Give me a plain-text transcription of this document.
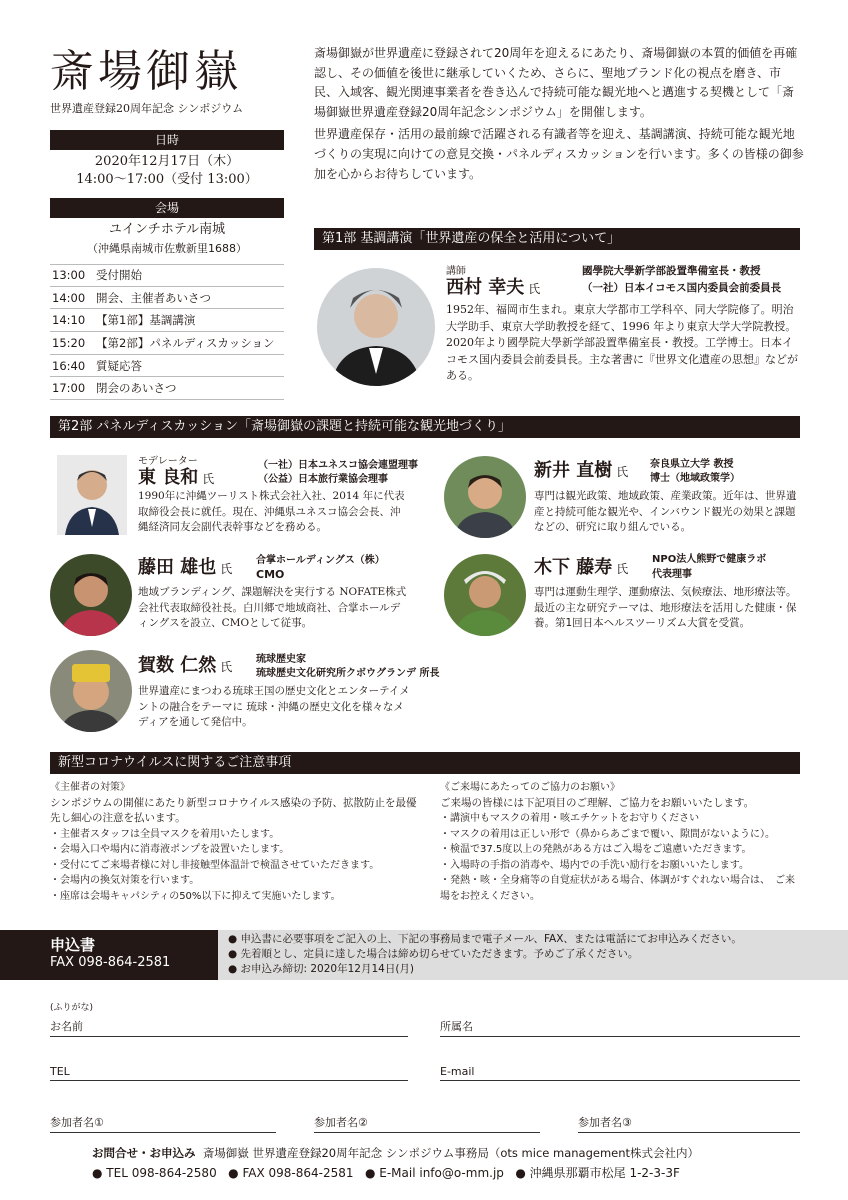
斎場御嶽
世界遺産登録20周年記念 シンポジウム
日時
2020年12月17日（木）
14:00〜17:00（受付 13:00）
会場
ユインチホテル南城
（沖縄県南城市佐敷新里1688）
13:00 受付開始
14:00 開会、主催者あいさつ
14:10 【第1部】基調講演
15:20 【第2部】パネルディスカッション
16:40 質疑応答
17:00 閉会のあいさつ

斎場御嶽が世界遺産に登録されて20周年を迎えるにあたり、斎場御嶽の本質的価値を再確認し、その価値を後世に継承していくため、さらに、聖地ブランド化の視点を磨き、市民、入域客、観光関連事業者を巻き込んで持続可能な観光地へと邁進する契機として「斎場御嶽世界遺産登録20周年記念シンポジウム」を開催します。

世界遺産保存・活用の最前線で活躍される有識者等を迎え、基調講演、持続可能な観光地づくりの実現に向けての意見交換・パネルディスカッションを行います。多くの皆様の御参加を心からお待ちしています。

第1部 基調講演「世界遺産の保全と活用について」
講師
西村 幸夫 氏
國學院大學新学部設置準備室長・教授
（一社）日本イコモス国内委員会前委員長
1952年、福岡市生まれ。東京大学都市工学科卒、同大学院修了。明治大学助手、東京大学助教授を経て、1996 年より東京大学大学院教授。2020年より國學院大學新学部設置準備室長・教授。工学博士。日本イコモス国内委員会前委員長。主な著書に『世界文化遺産の思想』などがある。
第2部 パネルディスカッション「斎場御嶽の課題と持続可能な観光地づくり」
モデレーター
東 良和 氏
（一社）日本ユネスコ協会連盟理事
（公益）日本旅行業協会理事
1990年に沖縄ツーリスト株式会社入社、2014 年に代表取締役会長に就任。現在、沖縄県ユネスコ協会会長、沖縄経済同友会副代表幹事などを務める。
新井 直樹 氏
奈良県立大学 教授
博士（地域政策学）
専門は観光政策、地域政策、産業政策。近年は、世界遺産と持続可能な観光や、インバウンド観光の効果と課題などの、研究に取り組んでいる。
藤田 雄也 氏
合掌ホールディングス（株）
CMO
地域ブランディング、課題解決を実行する NOFATE株式会社代表取締役社長。白川郷で地域商社、合掌ホールディングスを設立、CMOとして従事。
木下 藤寿 氏
NPO法人熊野で健康ラボ
代表理事
専門は運動生理学、運動療法、気候療法、地形療法等。最近の主な研究テーマは、地形療法を活用した健康・保養。第1回日本ヘルスツーリズム大賞を受賞。
賀数 仁然 氏
琉球歴史家
琉球歴史文化研究所クボウグランデ 所長
世界遺産にまつわる琉球王国の歴史文化とエンターテイメントの融合をテーマに 琉球・沖縄の歴史文化を様々なメディアを通して発信中。
新型コロナウイルスに関するご注意事項
《主催者の対策》
シンポジウムの開催にあたり新型コロナウイルス感染の予防、拡散防止を最優先し細心の注意を払います。
・主催者スタッフは全員マスクを着用いたします。
・会場入口や場内に消毒液ポンプを設置いたします。
・受付にてご来場者様に対し非接触型体温計で検温させていただきます。
・会場内の換気対策を行います。
・座席は会場キャパシティの50%以下に抑えて実施いたします。
《ご来場にあたってのご協力のお願い》
ご来場の皆様には下記項目のご理解、ご協力をお願いいたします。
・講演中もマスクの着用・咳エチケットをお守りください
・マスクの着用は正しい形で（鼻からあごまで覆い、隙間がないように）。
・検温で37.5度以上の発熱がある方はご入場をご遠慮いただきます。
・入場時の手指の消毒や、場内での手洗い励行をお願いいたします。
・発熱・咳・全身痛等の自覚症状がある場合、体調がすぐれない場合は、　ご来場をお控えください。
申込書
FAX 098-864-2581
● 申込書に必要事項をご記入の上、下記の事務局まで電子メール、FAX、または電話にてお申込みください。
● 先着順とし、定員に達した場合は締め切らせていただきます。予めご了承ください。
● お申込み締切: 2020年12月14日(月)
(ふりがな)
お名前	所属名
TEL	E-mail
参加者名①	参加者名②	参加者名③
お問合せ・お申込み 斎場御嶽 世界遺産登録20周年記念 シンポジウム事務局（ots mice management株式会社内）
● TEL 098-864-2580 ● FAX 098-864-2581 ● E-Mail info@o-mm.jp ● 沖縄県那覇市松尾 1-2-3-3F
